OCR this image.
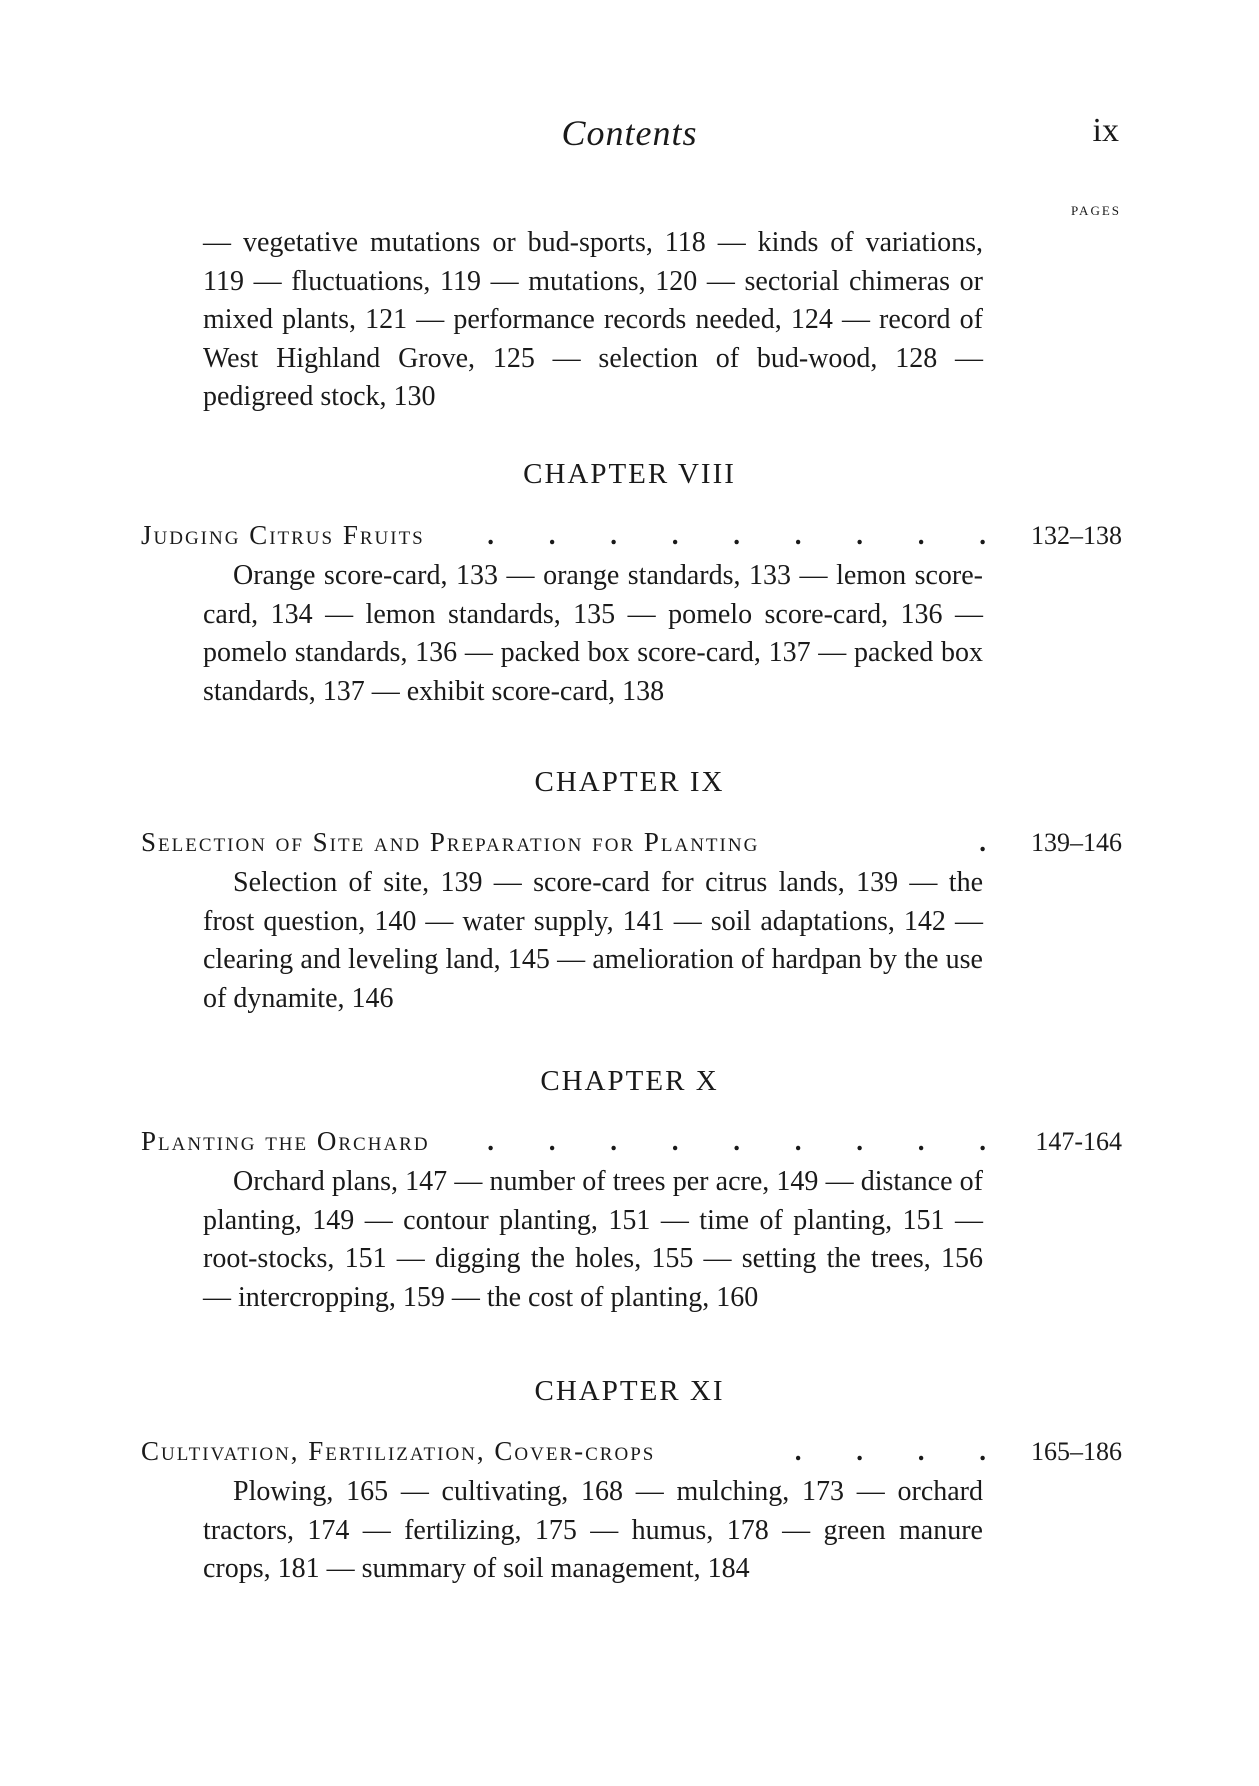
Contents	ix
PAGES

— vegetative mutations or bud-sports, 118 — kinds of variations, 119 — fluctuations, 119 — mutations, 120 — sectorial chimeras or mixed plants, 121 — performance records needed, 124 — record of West Highland Grove, 125 — selection of bud-wood, 128 — pedigreed stock, 130

CHAPTER VIII
Judging Citrus Fruits	. . . . . . . . . 132–138

Orange score-card, 133 — orange standards, 133 — lemon score-card, 134 — lemon standards, 135 — pomelo score-card, 136 — pomelo standards, 136 — packed box score-card, 137 — packed box standards, 137 — exhibit score-card, 138

CHAPTER IX
Selection of Site and Preparation for Planting	. 139–146

Selection of site, 139 — score-card for citrus lands, 139 — the frost question, 140 — water supply, 141 — soil adaptations, 142 — clearing and leveling land, 145 — amelioration of hardpan by the use of dynamite, 146

CHAPTER X
Planting the Orchard	. . . . . . . . . 147-164

Orchard plans, 147 — number of trees per acre, 149 — distance of planting, 149 — contour planting, 151 — time of planting, 151 — root-stocks, 151 — digging the holes, 155 — setting the trees, 156 — intercropping, 159 — the cost of planting, 160

CHAPTER XI
Cultivation, Fertilization, Cover-crops	. . . . 165–186

Plowing, 165 — cultivating, 168 — mulching, 173 — orchard tractors, 174 — fertilizing, 175 — humus, 178 — green manure crops, 181 — summary of soil management, 184
